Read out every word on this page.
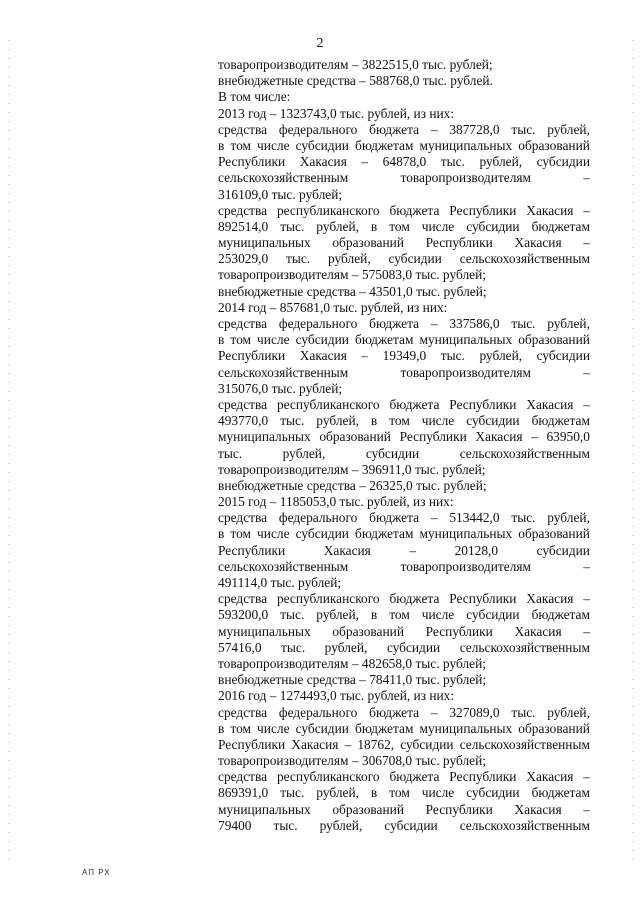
2
товаропроизводителям – 3822515,0 тыс. рублей;
внебюджетные средства – 588768,0 тыс. рублей.
В том числе:
2013 год – 1323743,0 тыс. рублей, из них:
средства федерального бюджета – 387728,0 тыс. рублей,
в том числе субсидии бюджетам муниципальных образований
Республики Хакасия – 64878,0 тыс. рублей, субсидии
сельскохозяйственным	товаропроизводителям	–
316109,0 тыс. рублей;
средства республиканского бюджета Республики Хакасия –
892514,0 тыс. рублей, в том числе субсидии бюджетам
муниципальных образований Республики Хакасия –
253029,0 тыс. рублей, субсидии сельскохозяйственным
товаропроизводителям – 575083,0 тыс. рублей;
внебюджетные средства – 43501,0 тыс. рублей;
2014 год – 857681,0 тыс. рублей, из них:
средства федерального бюджета – 337586,0 тыс. рублей,
в том числе субсидии бюджетам муниципальных образований
Республики Хакасия – 19349,0 тыс. рублей, субсидии
сельскохозяйственным	товаропроизводителям	–
315076,0 тыс. рублей;
средства республиканского бюджета Республики Хакасия –
493770,0 тыс. рублей, в том числе субсидии бюджетам
муниципальных образований Республики Хакасия – 63950,0
тыс.	рублей,	субсидии	сельскохозяйственным
товаропроизводителям – 396911,0 тыс. рублей;
внебюджетные средства – 26325,0 тыс. рублей;
2015 год – 1185053,0 тыс. рублей, из них:
средства федерального бюджета – 513442,0 тыс. рублей,
в том числе субсидии бюджетам муниципальных образований
Республики	Хакасия	–	20128,0	субсидии
сельскохозяйственным	товаропроизводителям	–
491114,0 тыс. рублей;
средства республиканского бюджета Республики Хакасия –
593200,0 тыс. рублей, в том числе субсидии бюджетам
муниципальных образований Республики Хакасия –
57416,0 тыс. рублей, субсидии сельскохозяйственным
товаропроизводителям – 482658,0 тыс. рублей;
внебюджетные средства – 78411,0 тыс. рублей;
2016 год – 1274493,0 тыс. рублей, из них:
средства федерального бюджета – 327089,0 тыс. рублей,
в том числе субсидии бюджетам муниципальных образований
Республики Хакасия – 18762, субсидии сельскохозяйственным
товаропроизводителям – 306708,0 тыс. рублей;
средства республиканского бюджета Республики Хакасия –
869391,0 тыс. рублей, в том числе субсидии бюджетам
муниципальных образований Республики Хакасия –
79400 тыс. рублей, субсидии сельскохозяйственным
АП РХ
